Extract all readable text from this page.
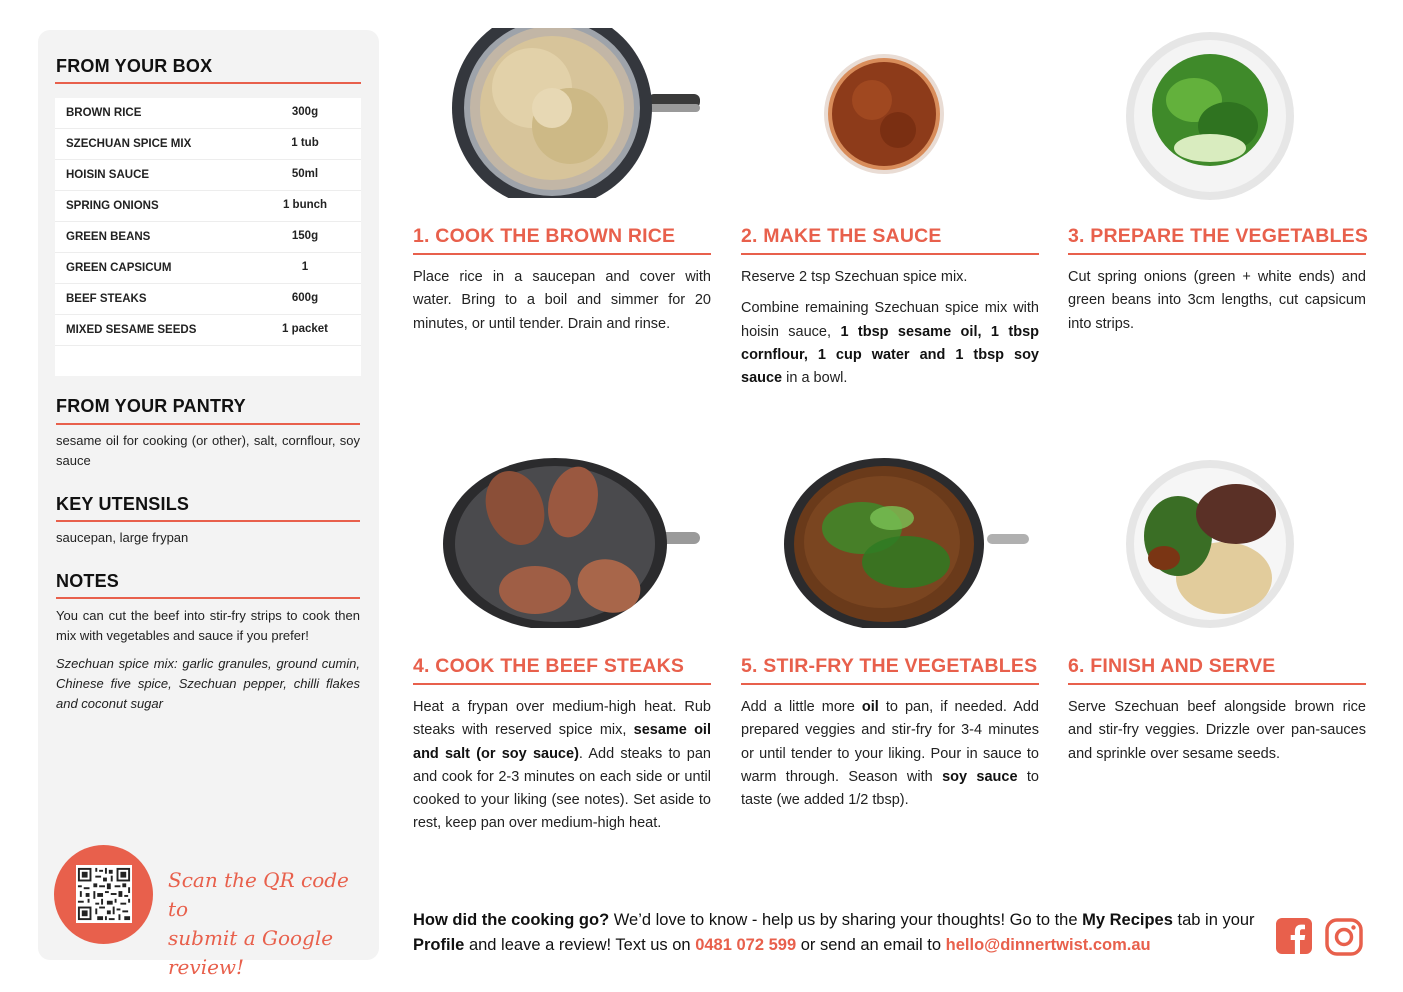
FROM YOUR BOX
BROWN RICE	300g
SZECHUAN SPICE MIX	1 tub
HOISIN SAUCE	50ml
SPRING ONIONS	1 bunch
GREEN BEANS	150g
GREEN CAPSICUM	1
BEEF STEAKS	600g
MIXED SESAME SEEDS	1 packet
FROM YOUR PANTRY
sesame oil for cooking (or other), salt, cornflour, soy sauce
KEY UTENSILS
saucepan, large frypan
NOTES
You can cut the beef into stir-fry strips to cook then mix with vegetables and sauce if you prefer!
Szechuan spice mix: garlic granules, ground cumin, Chinese five spice, Szechuan pepper, chilli flakes and coconut sugar
Scan the QR code to
submit a Google review!
1. COOK THE BROWN RICE

Place rice in a saucepan and cover with water. Bring to a boil and simmer for 20 minutes, or until tender. Drain and rinse.

2. MAKE THE SAUCE

Reserve 2 tsp Szechuan spice mix.

Combine remaining Szechuan spice mix with hoisin sauce, 1 tbsp sesame oil, 1 tbsp cornflour, 1 cup water and 1 tbsp soy sauce in a bowl.

3. PREPARE THE VEGETABLES

Cut spring onions (green + white ends) and green beans into 3cm lengths, cut capsicum into strips.

4. COOK THE BEEF STEAKS

Heat a frypan over medium-high heat. Rub steaks with reserved spice mix, sesame oil and salt (or soy sauce). Add steaks to pan and cook for 2-3 minutes on each side or until cooked to your liking (see notes). Set aside to rest, keep pan over medium-high heat.

5. STIR-FRY THE VEGETABLES

Add a little more oil to pan, if needed. Add prepared veggies and stir-fry for 3-4 minutes or until tender to your liking. Pour in sauce to warm through. Season with soy sauce to taste (we added 1/2 tbsp).

6. FINISH AND SERVE

Serve Szechuan beef alongside brown rice and stir-fry veggies. Drizzle over pan-sauces and sprinkle over sesame seeds.

How did the cooking go? We’d love to know - help us by sharing your thoughts! Go to the My Recipes tab in your Profile and leave a review! Text us on 0481 072 599 or send an email to hello@dinnertwist.com.au
